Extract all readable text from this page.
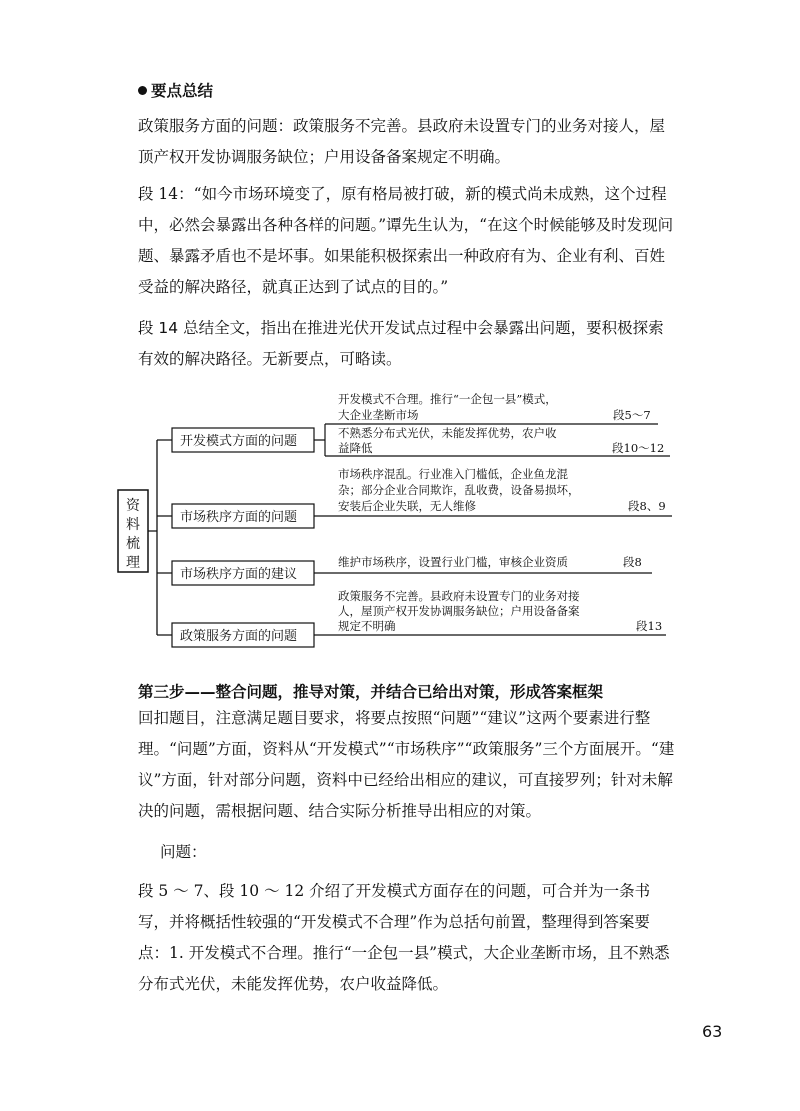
要点总结

政策服务方面的问题：政策服务不完善。县政府未设置专门的业务对接人，屋顶产权开发协调服务缺位；户用设备备案规定不明确。

段 14：“如今市场环境变了，原有格局被打破，新的模式尚未成熟，这个过程中，必然会暴露出各种各样的问题。”谭先生认为，“在这个时候能够及时发现问题、暴露矛盾也不是坏事。如果能积极探索出一种政府有为、企业有利、百姓受益的解决路径，就真正达到了试点的目的。”

段 14 总结全文，指出在推进光伏开发试点过程中会暴露出问题，要积极探索有效的解决路径。无新要点，可略读。

资
料
梳
理
开发模式方面的问题
市场秩序方面的问题
市场秩序方面的建议
政策服务方面的问题
开发模式不合理。推行“一企包一县”模式，
大企业垄断市场	段5～7
不熟悉分布式光伏，未能发挥优势，农户收
益降低	段10～12
市场秩序混乱。行业准入门槛低，企业鱼龙混
杂；部分企业合同欺诈，乱收费，设备易损坏，
安装后企业失联，无人维修	段8、9
维护市场秩序，设置行业门槛，审核企业资质	段8
政策服务不完善。县政府未设置专门的业务对接
人，屋顶产权开发协调服务缺位；户用设备备案
规定不明确	段13
第三步——整合问题，推导对策，并结合已给出对策，形成答案框架

回扣题目，注意满足题目要求，将要点按照“问题”“建议”这两个要素进行整理。“问题”方面，资料从“开发模式”“市场秩序”“政策服务”三个方面展开。“建议”方面，针对部分问题，资料中已经给出相应的建议，可直接罗列；针对未解决的问题，需根据问题、结合实际分析推导出相应的对策。

问题：

段 5 ～ 7、段 10 ～ 12 介绍了开发模式方面存在的问题，可合并为一条书写，并将概括性较强的“开发模式不合理”作为总括句前置，整理得到答案要点：1. 开发模式不合理。推行“一企包一县”模式，大企业垄断市场，且不熟悉分布式光伏，未能发挥优势，农户收益降低。

63
